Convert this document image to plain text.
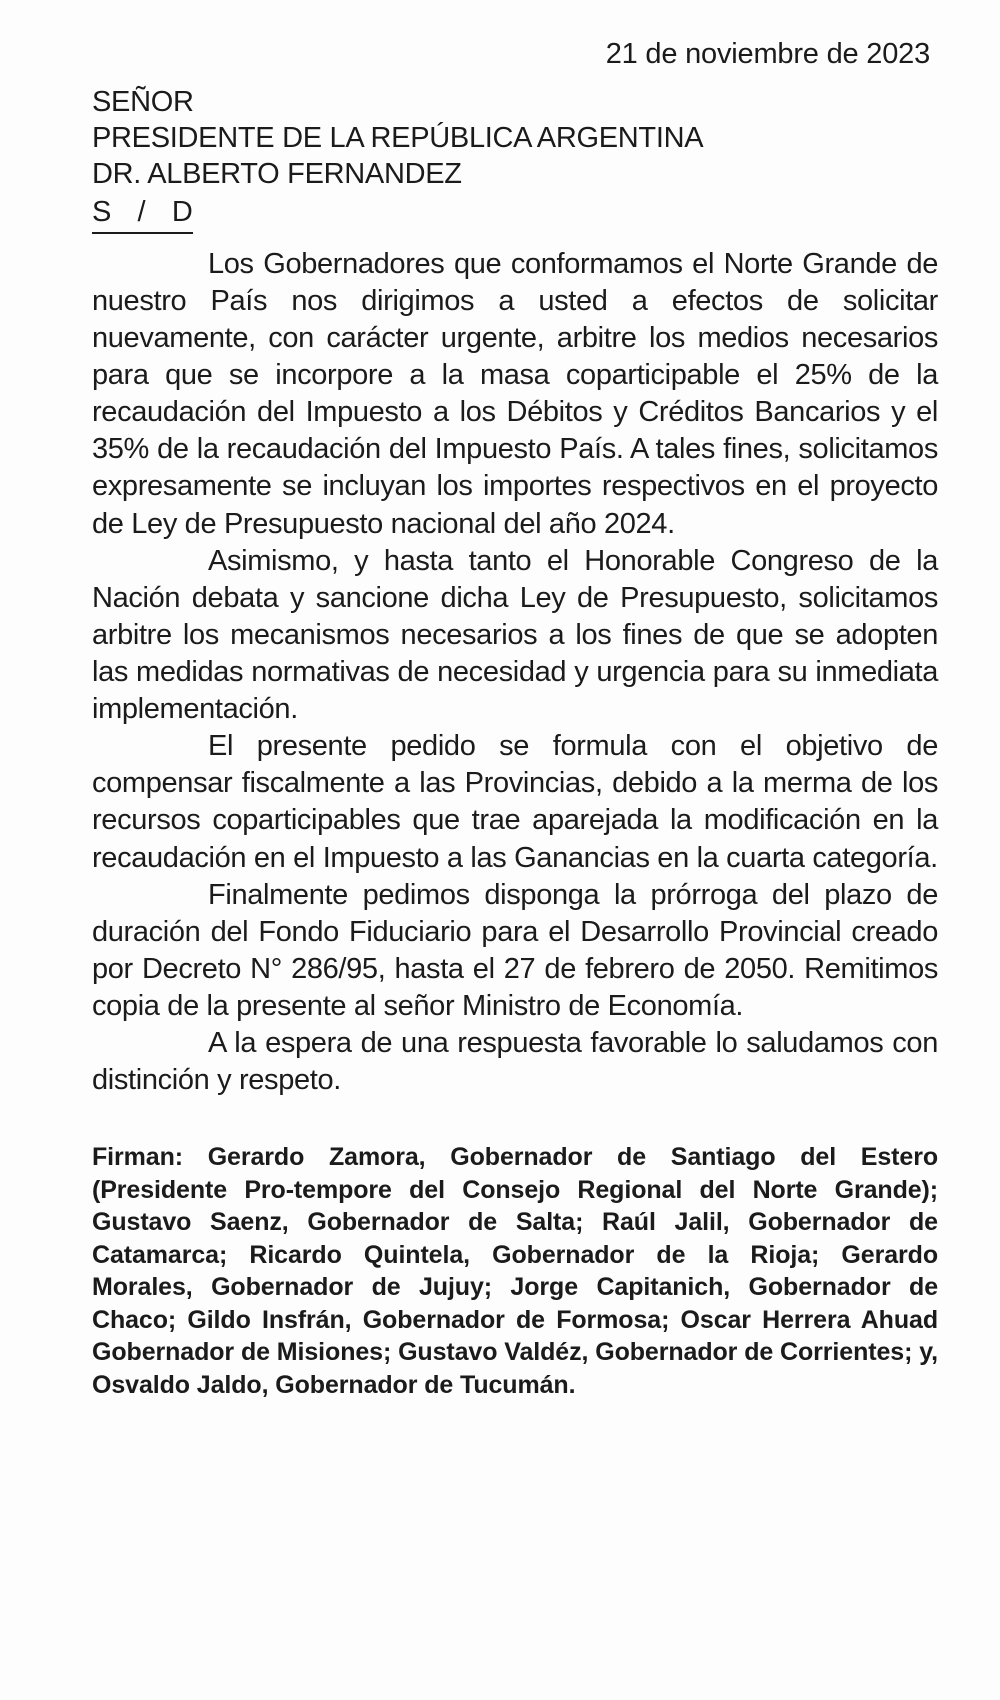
21 de noviembre de 2023
SEÑOR
PRESIDENTE DE LA REPÚBLICA ARGENTINA
DR. ALBERTO FERNANDEZ
S / D

Los Gobernadores que conformamos el Norte Grande de nuestro País nos dirigimos a usted a efectos de solicitar nuevamente, con carácter urgente, arbitre los medios necesarios para que se incorpore a la masa coparticipable el 25% de la recaudación del Impuesto a los Débitos y Créditos Bancarios y el 35% de la recaudación del Impuesto País. A tales fines, solicitamos expresamente se incluyan los importes respectivos en el proyecto de Ley de Presupuesto nacional del año 2024.

Asimismo, y hasta tanto el Honorable Congreso de la Nación debata y sancione dicha Ley de Presupuesto, solicitamos arbitre los mecanismos necesarios a los fines de que se adopten las medidas normativas de necesidad y urgencia para su inmediata implementación.

El presente pedido se formula con el objetivo de compensar fiscalmente a las Provincias, debido a la merma de los recursos coparticipables que trae aparejada la modificación en la recaudación en el Impuesto a las Ganancias en la cuarta categoría.

Finalmente pedimos disponga la prórroga del plazo de duración del Fondo Fiduciario para el Desarrollo Provincial creado por Decreto N° 286/95, hasta el 27 de febrero de 2050. Remitimos copia de la presente al señor Ministro de Economía.

A la espera de una respuesta favorable lo saludamos con distinción y respeto.

Firman: Gerardo Zamora, Gobernador de Santiago del Estero (Presidente Pro-tempore del Consejo Regional del Norte Grande); Gustavo Saenz, Gobernador de Salta; Raúl Jalil, Gobernador de Catamarca; Ricardo Quintela, Gobernador de la Rioja; Gerardo Morales, Gobernador de Jujuy; Jorge Capitanich, Gobernador de Chaco; Gildo Insfrán, Gobernador de Formosa; Oscar Herrera Ahuad Gobernador de Misiones; Gustavo Valdéz, Gobernador de Corrientes; y, Osvaldo Jaldo, Gobernador de Tucumán.
